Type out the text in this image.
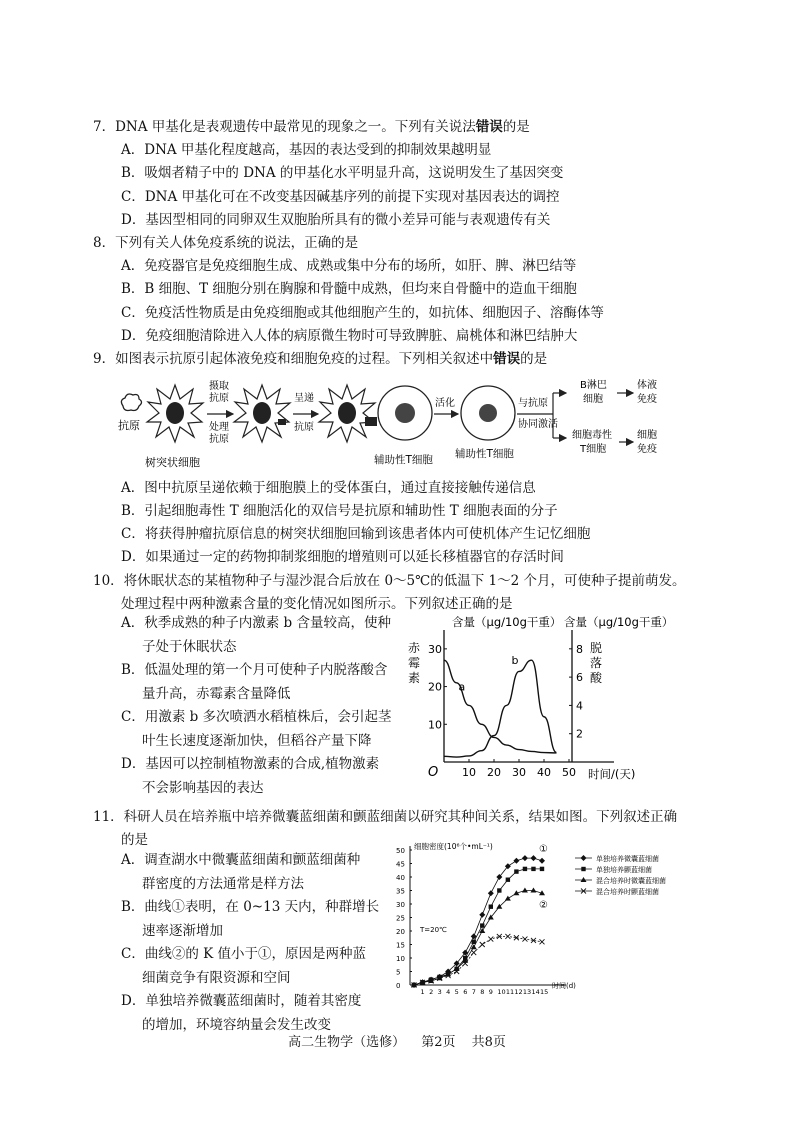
7．DNA 甲基化是表观遗传中最常见的现象之一。下列有关说法错误的是
A．DNA 甲基化程度越高，基因的表达受到的抑制效果越明显
B．吸烟者精子中的 DNA 的甲基化水平明显升高，这说明发生了基因突变
C．DNA 甲基化可在不改变基因碱基序列的前提下实现对基因表达的调控
D．基因型相同的同卵双生双胞胎所具有的微小差异可能与表观遗传有关
8．下列有关人体免疫系统的说法，正确的是
A．免疫器官是免疫细胞生成、成熟或集中分布的场所，如肝、脾、淋巴结等
B．B 细胞、T 细胞分别在胸腺和骨髓中成熟，但均来自骨髓中的造血干细胞
C．免疫活性物质是由免疫细胞或其他细胞产生的，如抗体、细胞因子、溶酶体等
D．免疫细胞清除进入人体的病原微生物时可导致脾脏、扁桃体和淋巴结肿大
9．如图表示抗原引起体液免疫和细胞免疫的过程。下列相关叙述中错误的是
抗原
树突状细胞
摄取
抗原
处理
抗原
呈递
抗原
辅助性T细胞
活化
辅助性T细胞
与抗原
协同激活
B淋巴
细胞
体液
免疫
细胞毒性
T细胞
细胞
免疫
A．图中抗原呈递依赖于细胞膜上的受体蛋白，通过直接接触传递信息
B．引起细胞毒性 T 细胞活化的双信号是抗原和辅助性 T 细胞表面的分子
C．将获得肿瘤抗原信息的树突状细胞回输到该患者体内可使机体产生记忆细胞
D．如果通过一定的药物抑制浆细胞的增殖则可以延长移植器官的存活时间
10．将休眠状态的某植物种子与湿沙混合后放在 0～5℃的低温下 1～2 个月，可使种子提前萌发。
处理过程中两种激素含量的变化情况如图所示。下列叙述正确的是
A．秋季成熟的种子内激素 b 含量较高，使种
子处于休眠状态
B．低温处理的第一个月可使种子内脱落酸含
量升高，赤霉素含量降低
C．用激素 b 多次喷洒水稻植株后，会引起茎
叶生长速度逐渐加快，但稻谷产量下降
D．基因可以控制植物激素的合成,植物激素
不会影响基因的表达
含量（μg/10g干重） 含量（μg/10g干重）
赤
霉
素
脱
落
酸
O 10 20 30 40 50
10
20
30
2
4
6
8
a
b
时间/(天)
11．科研人员在培养瓶中培养微囊蓝细菌和颤蓝细菌以研究其种间关系，结果如图。下列叙述正确
的是
A．调查湖水中微囊蓝细菌和颤蓝细菌种
群密度的方法通常是样方法
B．曲线①表明，在 0~13 天内，种群增长
速率逐渐增加
C．曲线②的 K 值小于①，原因是两种蓝
细菌竞争有限资源和空间
D．单独培养微囊蓝细菌时，随着其密度
的增加，环境容纳量会发生改变
细胞密度(10⁶个•mL⁻¹)
T=20℃
时间(d)
0
5
10
15
20
25
30
35
40
45
50
1 2 3 4 5 6 7 8 9 10 11 12 13 14 15
①
②
单独培养微囊蓝细菌
单独培养颤蓝细菌
混合培养时微囊蓝细菌
混合培养时颤蓝细菌
高二生物学（选修） 第2页 共8页
